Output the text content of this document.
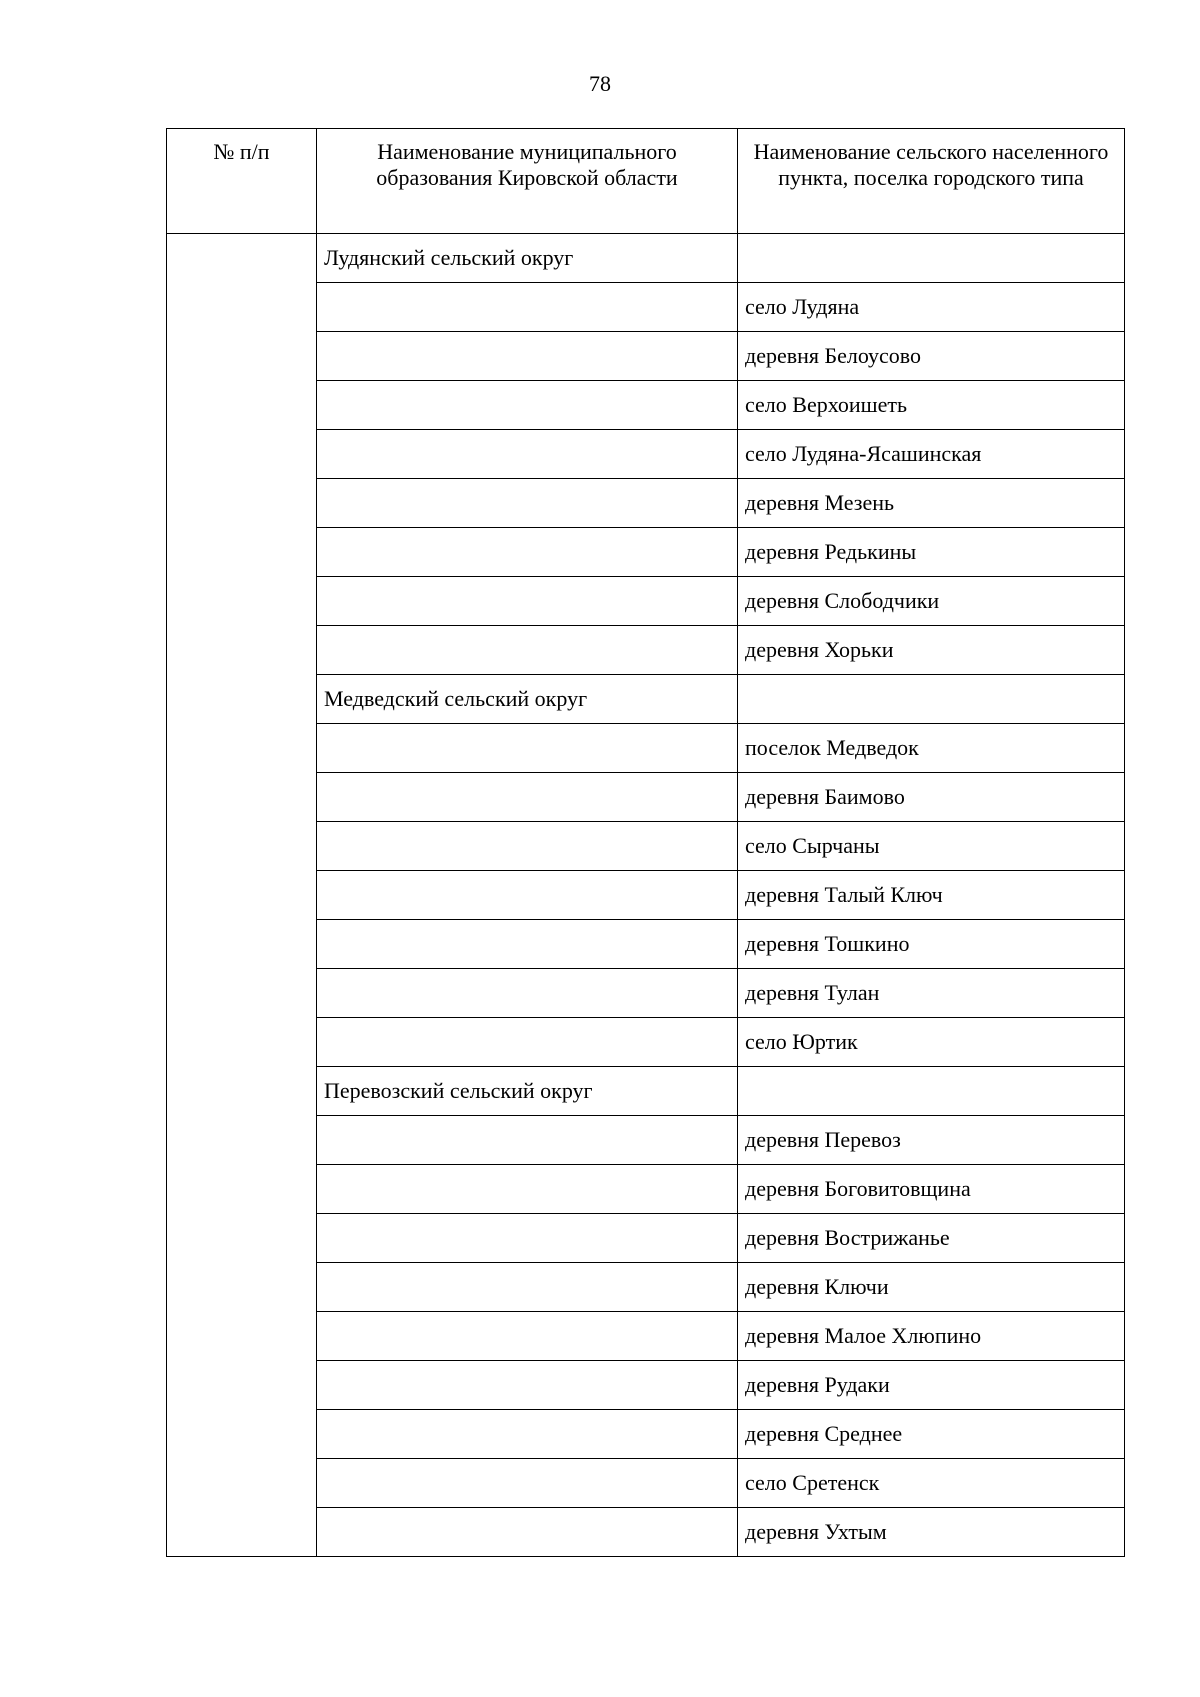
78
№ п/п	Наименование муниципального образования Кировской области	Наименование сельского населенного пункта, поселка городского типа
	Лудянский сельский округ	
		село Лудяна
		деревня Белоусово
		село Верхоишеть
		село Лудяна-Ясашинская
		деревня Мезень
		деревня Редькины
		деревня Слободчики
		деревня Хорьки
	Медведский сельский округ	
		поселок Медведок
		деревня Баимово
		село Сырчаны
		деревня Талый Ключ
		деревня Тошкино
		деревня Тулан
		село Юртик
	Перевозский сельский округ	
		деревня Перевоз
		деревня Боговитовщина
		деревня Вострижанье
		деревня Ключи
		деревня Малое Хлюпино
		деревня Рудаки
		деревня Среднее
		село Сретенск
		деревня Ухтым
